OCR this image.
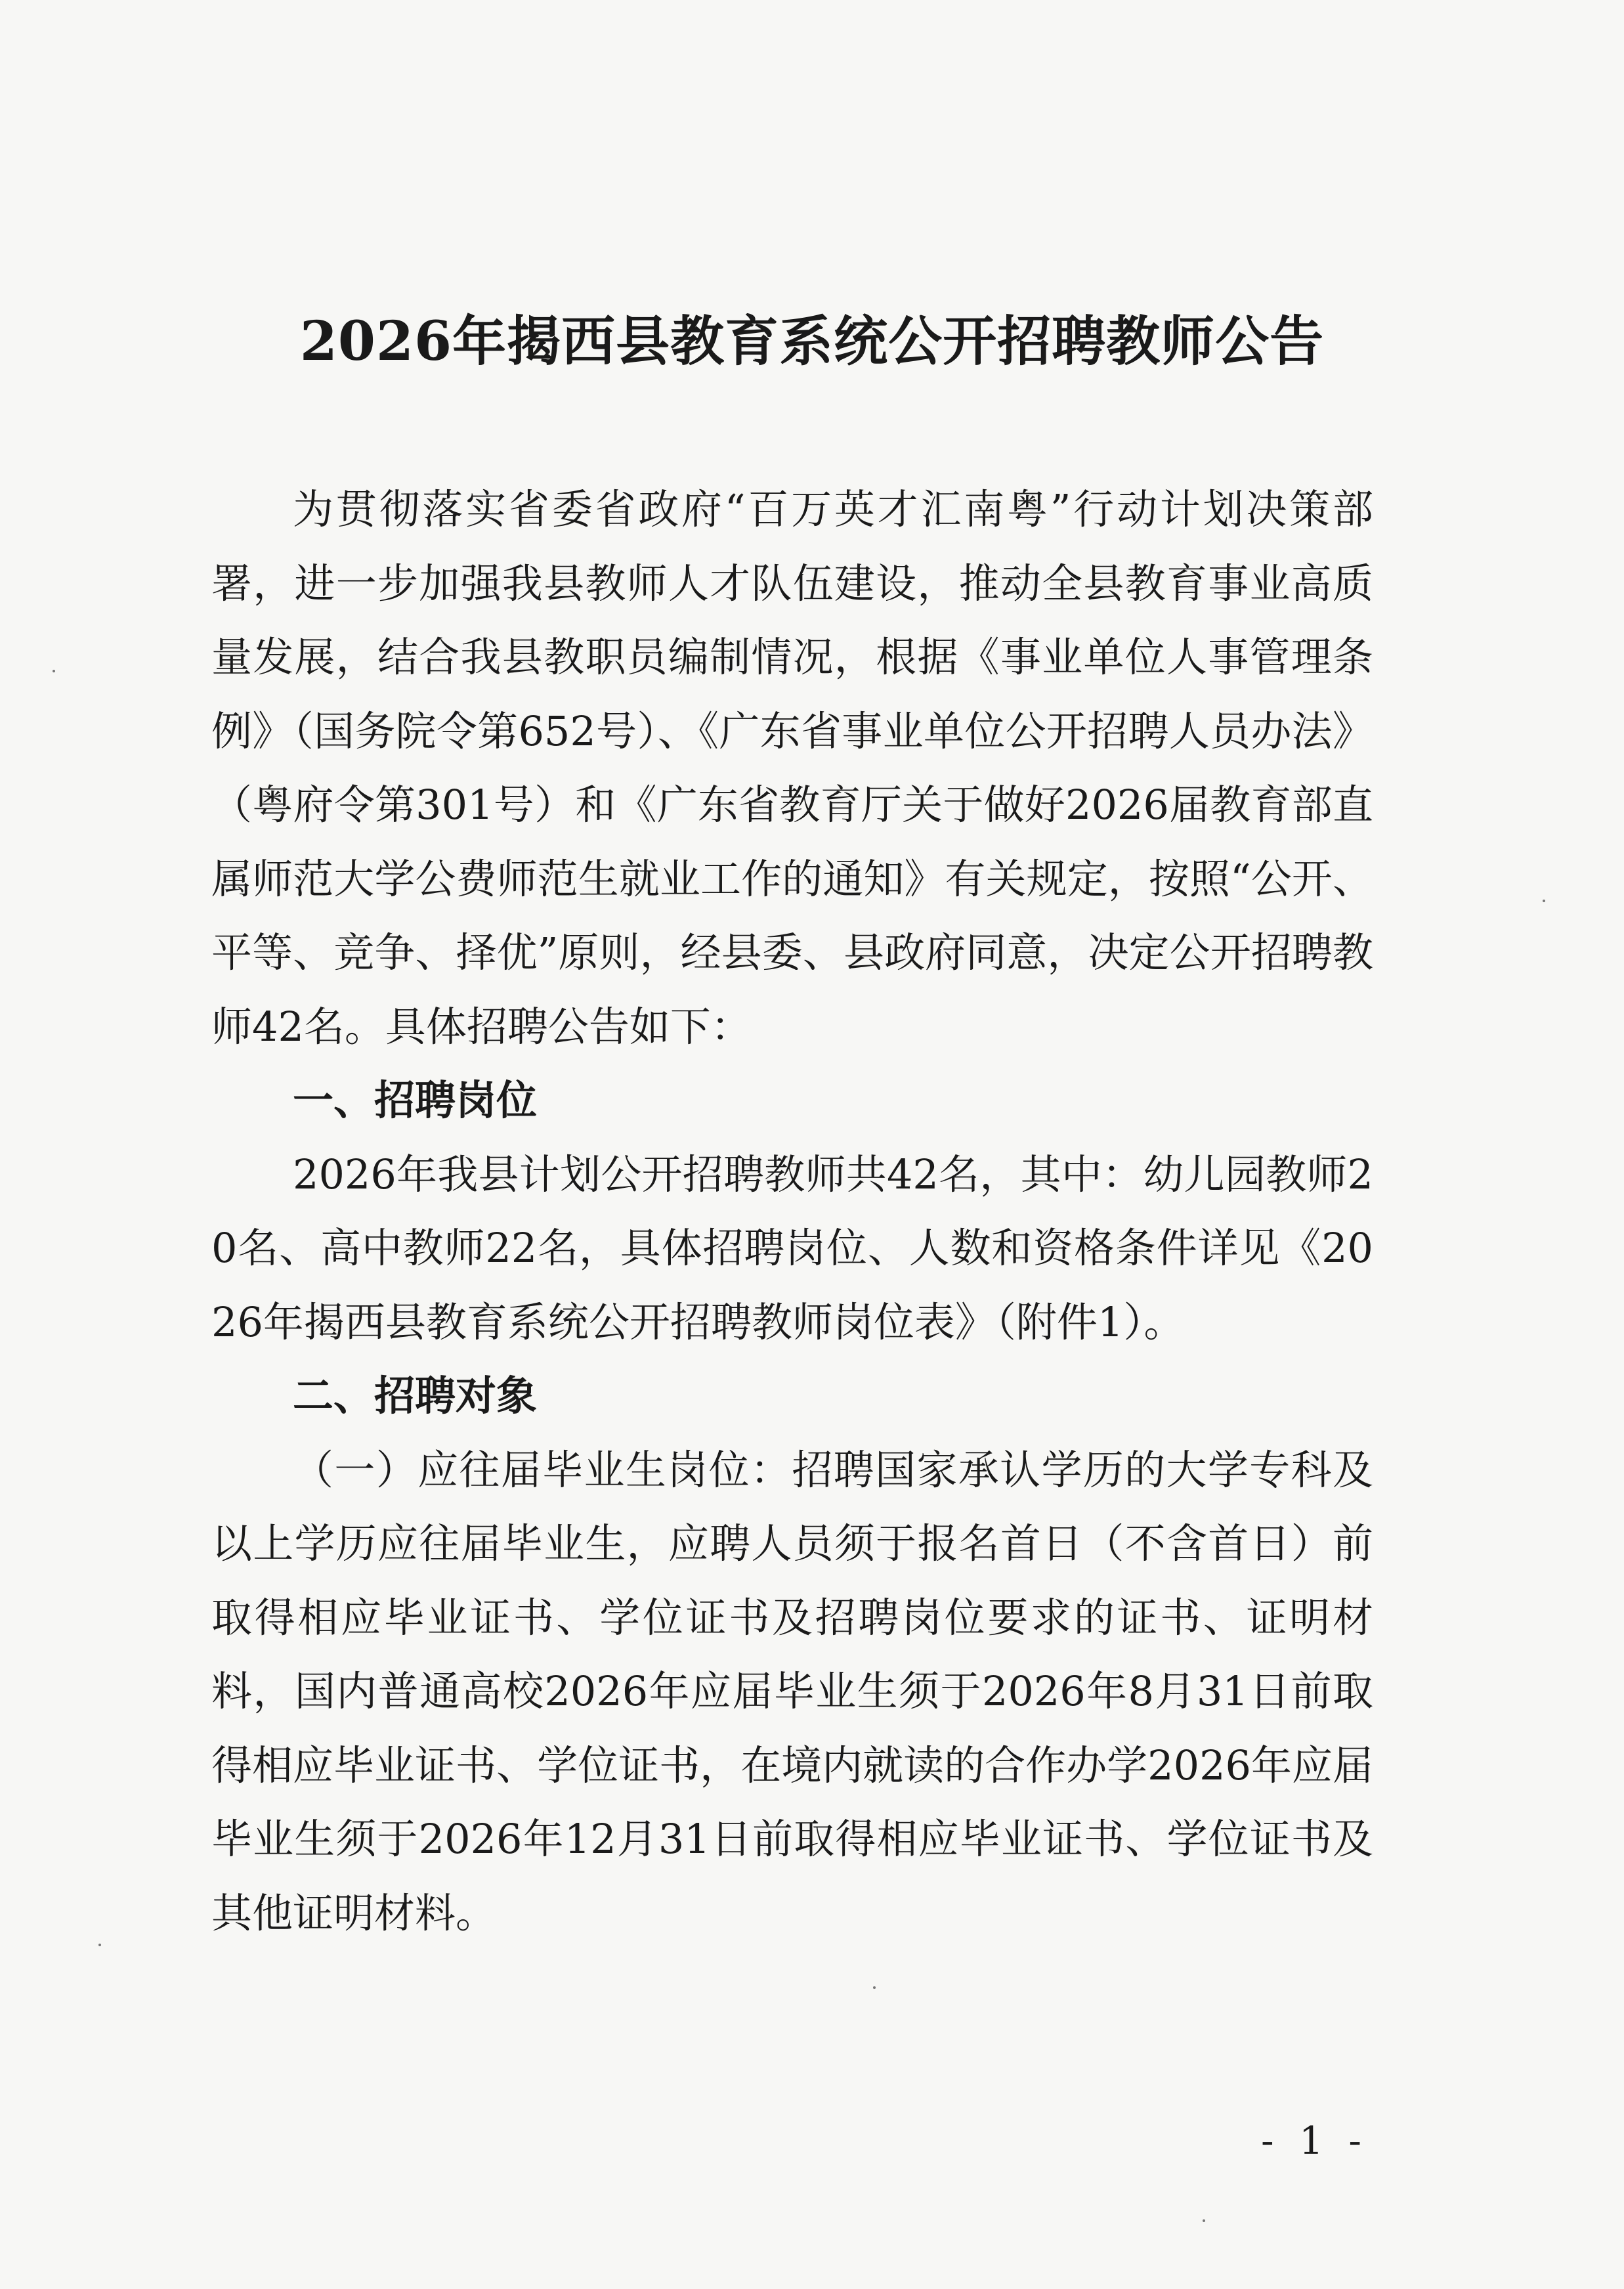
2026年揭西县教育系统公开招聘教师公告

为贯彻落实省委省政府“百万英才汇南粤”行动计划决策部署，进一步加强我县教师人才队伍建设，推动全县教育事业高质量发展，结合我县教职员编制情况，根据《事业单位人事管理条例》（国务院令第652号）、《广东省事业单位公开招聘人员办法》（粤府令第301号）和《广东省教育厅关于做好2026届教育部直属师范大学公费师范生就业工作的通知》有关规定，按照“公开、平等、竞争、择优”原则，经县委、县政府同意，决定公开招聘教师42名。具体招聘公告如下：

一、招聘岗位

2026年我县计划公开招聘教师共42名，其中：幼儿园教师20名、高中教师22名，具体招聘岗位、人数和资格条件详见《2026年揭西县教育系统公开招聘教师岗位表》（附件1）。

二、招聘对象

（一）应往届毕业生岗位：招聘国家承认学历的大学专科及以上学历应往届毕业生，应聘人员须于报名首日（不含首日）前取得相应毕业证书、学位证书及招聘岗位要求的证书、证明材料，国内普通高校2026年应届毕业生须于2026年8月31日前取得相应毕业证书、学位证书，在境内就读的合作办学2026年应届毕业生须于2026年12月31日前取得相应毕业证书、学位证书及其他证明材料。

- 1 -
